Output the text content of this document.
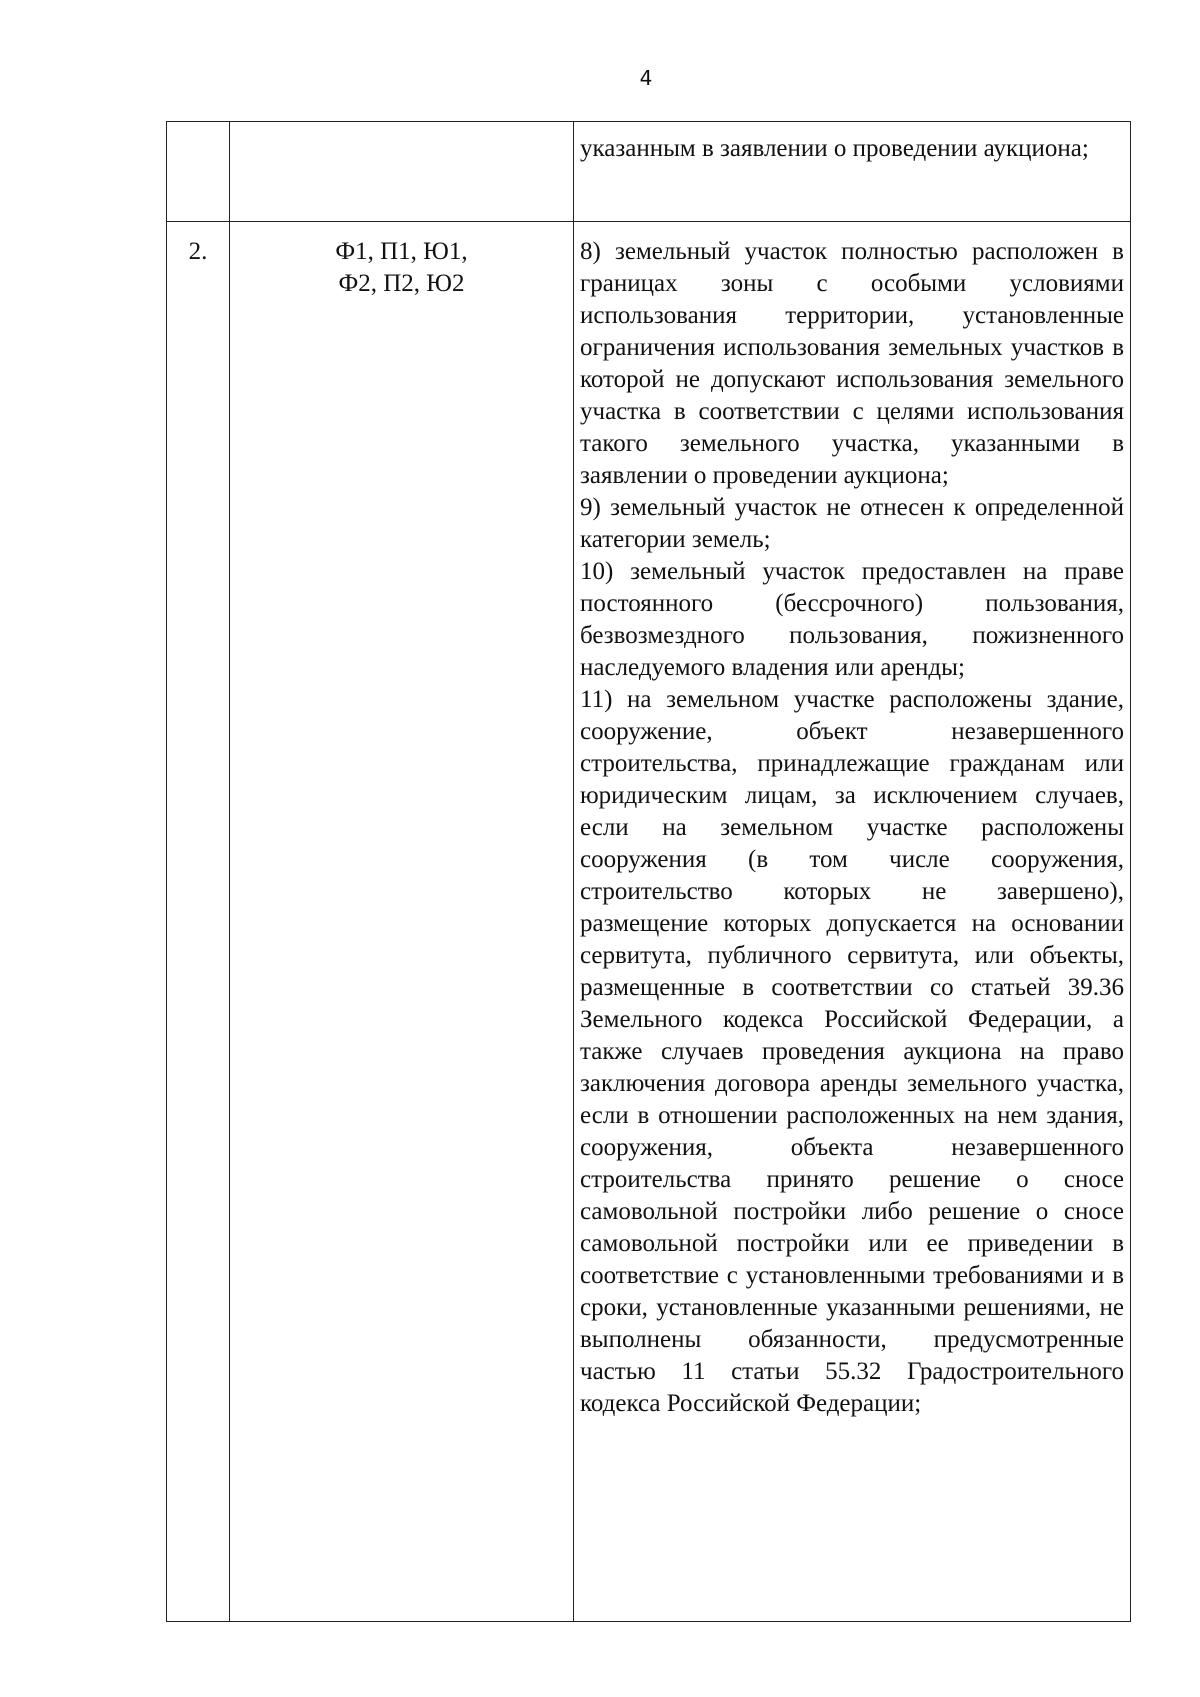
4

		указанным в заявлении о проведении аукциона;

2.	Ф1, П1, Ю1,
Ф2, П2, Ю2	8) земельный участок полностью расположен в границах зоны с особыми условиями использования территории, установленные ограничения использования земельных участков в которой не допускают использования земельного участка в соответствии с целями использования такого земельного участка, указанными в заявлении о проведении аукциона;
9) земельный участок не отнесен к определенной категории земель;
10) земельный участок предоставлен на праве постоянного (бессрочного) пользования, безвозмездного пользования, пожизненного наследуемого владения или аренды;
11) на земельном участке расположены здание, сооружение, объект незавершенного строительства, принадлежащие гражданам или юридическим лицам, за исключением случаев, если на земельном участке расположены сооружения (в том числе сооружения, строительство которых не завершено), размещение которых допускается на основании сервитута, публичного сервитута, или объекты, размещенные в соответствии со статьей 39.36 Земельного кодекса Российской Федерации, а также случаев проведения аукциона на право заключения договора аренды земельного участка, если в отношении расположенных на нем здания, сооружения, объекта незавершенного строительства принято решение о сносе самовольной постройки либо решение о сносе самовольной постройки или ее приведении в соответствие с установленными требованиями и в сроки, установленные указанными решениями, не выполнены обязанности, предусмотренные частью 11 статьи 55.32 Градостроительного кодекса Российской Федерации;
